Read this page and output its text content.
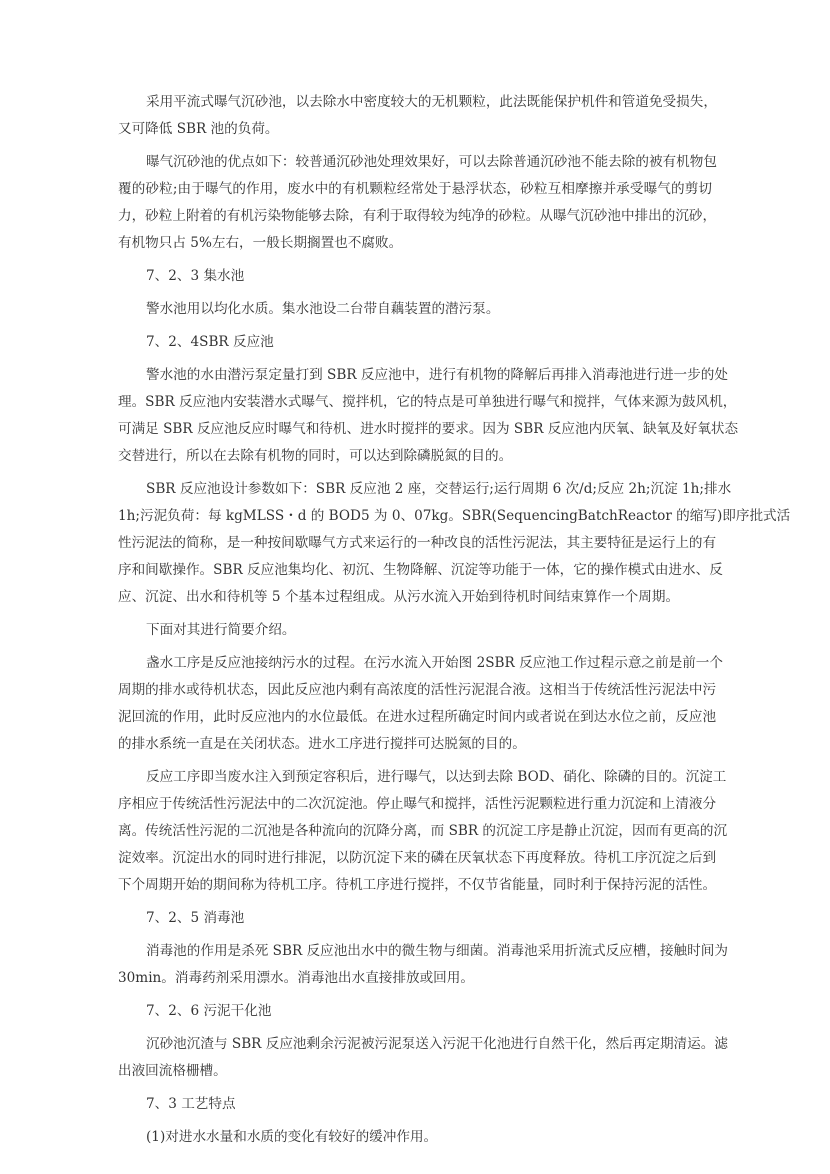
采用平流式曝气沉砂池，以去除水中密度较大的无机颗粒，此法既能保护机件和管道免受损失，
又可降低 SBR 池的负荷。
曝气沉砂池的优点如下：较普通沉砂池处理效果好，可以去除普通沉砂池不能去除的被有机物包
覆的砂粒;由于曝气的作用，废水中的有机颗粒经常处于悬浮状态，砂粒互相摩擦并承受曝气的剪切
力，砂粒上附着的有机污染物能够去除，有利于取得较为纯净的砂粒。从曝气沉砂池中排出的沉砂，
有机物只占 5%左右，一般长期搁置也不腐败。
7、2、3 集水池
警水池用以均化水质。集水池设二台带自藕装置的潜污泵。
7、2、4SBR 反应池
警水池的水由潜污泵定量打到 SBR 反应池中，进行有机物的降解后再排入消毒池进行进一步的处
理。SBR 反应池内安装潜水式曝气、搅拌机，它的特点是可单独进行曝气和搅拌，气体来源为鼓风机，
可满足 SBR 反应池反应时曝气和待机、进水时搅拌的要求。因为 SBR 反应池内厌氧、缺氧及好氧状态
交替进行，所以在去除有机物的同时，可以达到除磷脱氮的目的。
SBR 反应池设计参数如下：SBR 反应池 2 座，交替运行;运行周期 6 次/d;反应 2h;沉淀 1h;排水
1h;污泥负荷：每 kgMLSS・d 的 BOD5 为 0、07kg。SBR(SequencingBatchReactor 的缩写)即序批式活
性污泥法的简称，是一种按间歇曝气方式来运行的一种改良的活性污泥法，其主要特征是运行上的有
序和间歇操作。SBR 反应池集均化、初沉、生物降解、沉淀等功能于一体，它的操作模式由进水、反
应、沉淀、出水和待机等 5 个基本过程组成。从污水流入开始到待机时间结束算作一个周期。
下面对其进行简要介绍。
盏水工序是反应池接纳污水的过程。在污水流入开始图 2SBR 反应池工作过程示意之前是前一个
周期的排水或待机状态，因此反应池内剩有高浓度的活性污泥混合液。这相当于传统活性污泥法中污
泥回流的作用，此时反应池内的水位最低。在进水过程所确定时间内或者说在到达水位之前，反应池
的排水系统一直是在关闭状态。进水工序进行搅拌可达脱氮的目的。
反应工序即当废水注入到预定容积后，进行曝气，以达到去除 BOD、硝化、除磷的目的。沉淀工
序相应于传统活性污泥法中的二次沉淀池。停止曝气和搅拌，活性污泥颗粒进行重力沉淀和上清液分
离。传统活性污泥的二沉池是各种流向的沉降分离，而 SBR 的沉淀工序是静止沉淀，因而有更高的沉
淀效率。沉淀出水的同时进行排泥，以防沉淀下来的磷在厌氧状态下再度释放。待机工序沉淀之后到
下个周期开始的期间称为待机工序。待机工序进行搅拌，不仅节省能量，同时利于保持污泥的活性。
7、2、5 消毒池
消毒池的作用是杀死 SBR 反应池出水中的微生物与细菌。消毒池采用折流式反应槽，接触时间为
30min。消毒药剂采用漂水。消毒池出水直接排放或回用。
7、2、6 污泥干化池
沉砂池沉渣与 SBR 反应池剩余污泥被污泥泵送入污泥干化池进行自然干化，然后再定期清运。滤
出液回流格栅槽。
7、3 工艺特点
(1)对进水水量和水质的变化有较好的缓冲作用。
